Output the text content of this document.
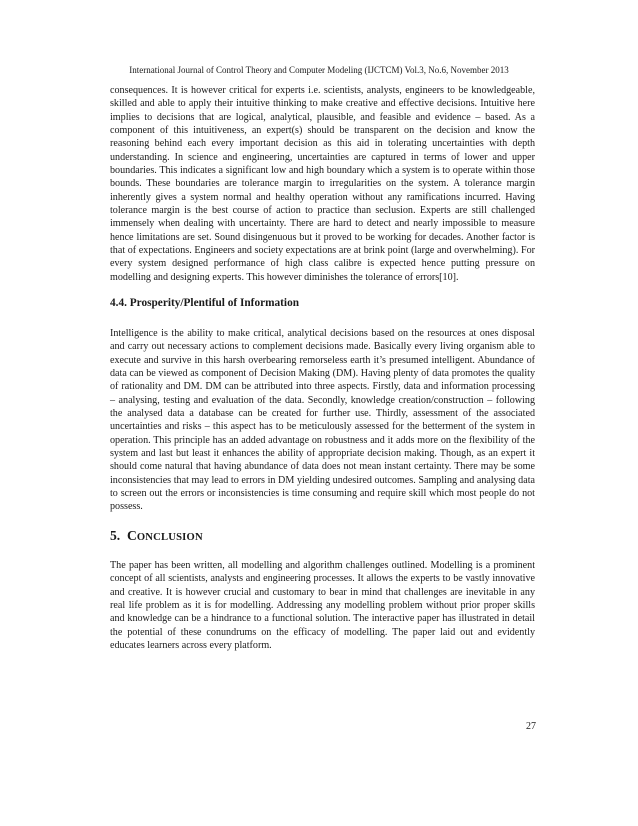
International Journal of Control Theory and Computer Modeling (IJCTCM) Vol.3, No.6, November 2013

consequences. It is however critical for experts i.e. scientists, analysts, engineers to be knowledgeable, skilled and able to apply their intuitive thinking to make creative and effective decisions. Intuitive here implies to decisions that are logical, analytical, plausible, and feasible and evidence – based. As a component of this intuitiveness, an expert(s) should be transparent on the decision and know the reasoning behind each every important decision as this aid in tolerating uncertainties with depth understanding. In science and engineering, uncertainties are captured in terms of lower and upper boundaries. This indicates a significant low and high boundary which a system is to operate within those bounds. These boundaries are tolerance margin to irregularities on the system. A tolerance margin inherently gives a system normal and healthy operation without any ramifications incurred. Having tolerance margin is the best course of action to practice than seclusion. Experts are still challenged immensely when dealing with uncertainty. There are hard to detect and nearly impossible to measure hence limitations are set. Sound disingenuous but it proved to be working for decades. Another factor is that of expectations. Engineers and society expectations are at brink point (large and overwhelming). For every system designed performance of high class calibre is expected hence putting pressure on modelling and designing experts. This however diminishes the tolerance of errors[10].

4.4. Prosperity/Plentiful of Information

Intelligence is the ability to make critical, analytical decisions based on the resources at ones disposal and carry out necessary actions to complement decisions made. Basically every living organism able to execute and survive in this harsh overbearing remorseless earth it’s presumed intelligent. Abundance of data can be viewed as component of Decision Making (DM). Having plenty of data promotes the quality of rationality and DM. DM can be attributed into three aspects. Firstly, data and information processing – analysing, testing and evaluation of the data. Secondly, knowledge creation/construction – following the analysed data a database can be created for further use. Thirdly, assessment of the associated uncertainties and risks – this aspect has to be meticulously assessed for the betterment of the system in operation. This principle has an added advantage on robustness and it adds more on the flexibility of the system and last but least it enhances the ability of appropriate decision making. Though, as an expert it should come natural that having abundance of data does not mean instant certainty. There may be some inconsistencies that may lead to errors in DM yielding undesired outcomes. Sampling and analysing data to screen out the errors or inconsistencies is time consuming and require skill which most people do not possess.

5. CONCLUSION

The paper has been written, all modelling and algorithm challenges outlined. Modelling is a prominent concept of all scientists, analysts and engineering processes. It allows the experts to be vastly innovative and creative. It is however crucial and customary to bear in mind that challenges are inevitable in any real life problem as it is for modelling. Addressing any modelling problem without prior proper skills and knowledge can be a hindrance to a functional solution. The interactive paper has illustrated in detail the potential of these conundrums on the efficacy of modelling. The paper laid out and evidently educates learners across every platform.

27
